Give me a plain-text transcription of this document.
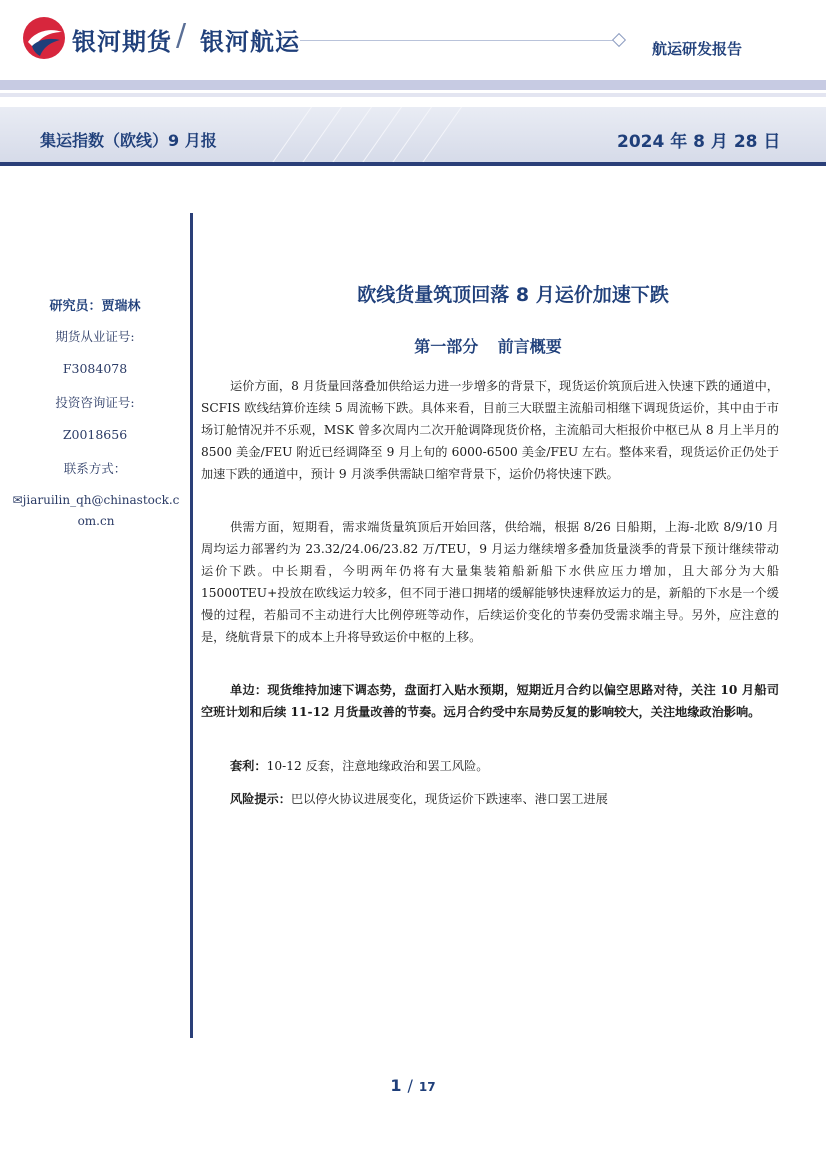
银河期货 / 银河航运	航运研发报告
集运指数（欧线）9 月报	2024 年 8 月 28 日
研究员：贾瑞林
期货从业证号:
F3084078
投资咨询证号:
Z0018656
联系方式：
✉jiaruilin_qh@chinastock.com.cn
欧线货量筑顶回落 8 月运价加速下跌
第一部分 前言概要

运价方面，8 月货量回落叠加供给运力进一步增多的背景下，现货运价筑顶后进入快速下跌的通道中，SCFIS 欧线结算价连续 5 周流畅下跌。具体来看，目前三大联盟主流船司相继下调现货运价，其中由于市场订舱情况并不乐观，MSK 曾多次周内二次开舱调降现货价格，主流船司大柜报价中枢已从 8 月上半月的 8500 美金/FEU 附近已经调降至 9 月上旬的 6000-6500 美金/FEU 左右。整体来看，现货运价正仍处于加速下跌的通道中，预计 9 月淡季供需缺口缩窄背景下，运价仍将快速下跌。

供需方面，短期看，需求端货量筑顶后开始回落，供给端，根据 8/26 日船期，上海-北欧 8/9/10 月周均运力部署约为 23.32/24.06/23.82 万/TEU，9 月运力继续增多叠加货量淡季的背景下预计继续带动运价下跌。中长期看，今明两年仍将有大量集装箱船新船下水供应压力增加，且大部分为大船 15000TEU+投放在欧线运力较多，但不同于港口拥堵的缓解能够快速释放运力的是，新船的下水是一个缓慢的过程，若船司不主动进行大比例停班等动作，后续运价变化的节奏仍受需求端主导。另外，应注意的是，绕航背景下的成本上升将导致运价中枢的上移。

单边：现货维持加速下调态势，盘面打入贴水预期，短期近月合约以偏空思路对待，关注 10 月船司空班计划和后续 11-12 月货量改善的节奏。远月合约受中东局势反复的影响较大，关注地缘政治影响。

套利：10-12 反套，注意地缘政治和罢工风险。

风险提示：巴以停火协议进展变化，现货运价下跌速率、港口罢工进展

1 / 17
